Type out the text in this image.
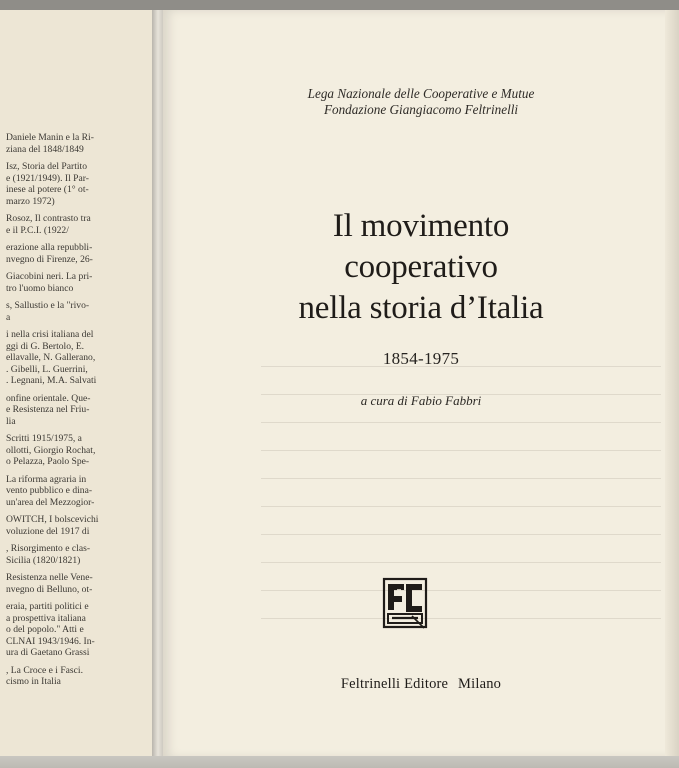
Daniele Manin e la Ri-
ziana del 1848/1849
Isz, Storia del Partito
e (1921/1949). Il Par-
inese al potere (1° ot-
marzo 1972)
Rosoz, Il contrasto tra
e il P.C.I. (1922/
erazione alla repubbli-
nvegno di Firenze, 26-
Giacobini neri. La pri-
tro l'uomo bianco
s, Sallustio e la "rivo-
a
i nella crisi italiana del
ggi di G. Bertolo, E.
ellavalle, N. Gallerano,
. Gibelli, L. Guerrini,
. Legnani, M.A. Salvati
onfine orientale. Que-
e Resistenza nel Friu-
lia
Scritti 1915/1975, a
ollotti, Giorgio Rochat,
o Pelazza, Paolo Spe-
La riforma agraria in
vento pubblico e dina-
un'area del Mezzogior-
OWITCH, I bolscevichi
voluzione del 1917 di
, Risorgimento e clas-
Sicilia (1820/1821)
Resistenza nelle Vene-
nvegno di Belluno, ot-
eraia, partiti politici e
a prospettiva italiana
o del popolo." Atti e
CLNAI 1943/1946. In-
ura di Gaetano Grassi
, La Croce e i Fasci.
cismo in Italia
Lega Nazionale delle Cooperative e Mutue
Fondazione Giangiacomo Feltrinelli
Il movimento
cooperativo
nella storia d’Italia
1854-1975
a cura di Fabio Fabbri
Feltrinelli Editore Milano
